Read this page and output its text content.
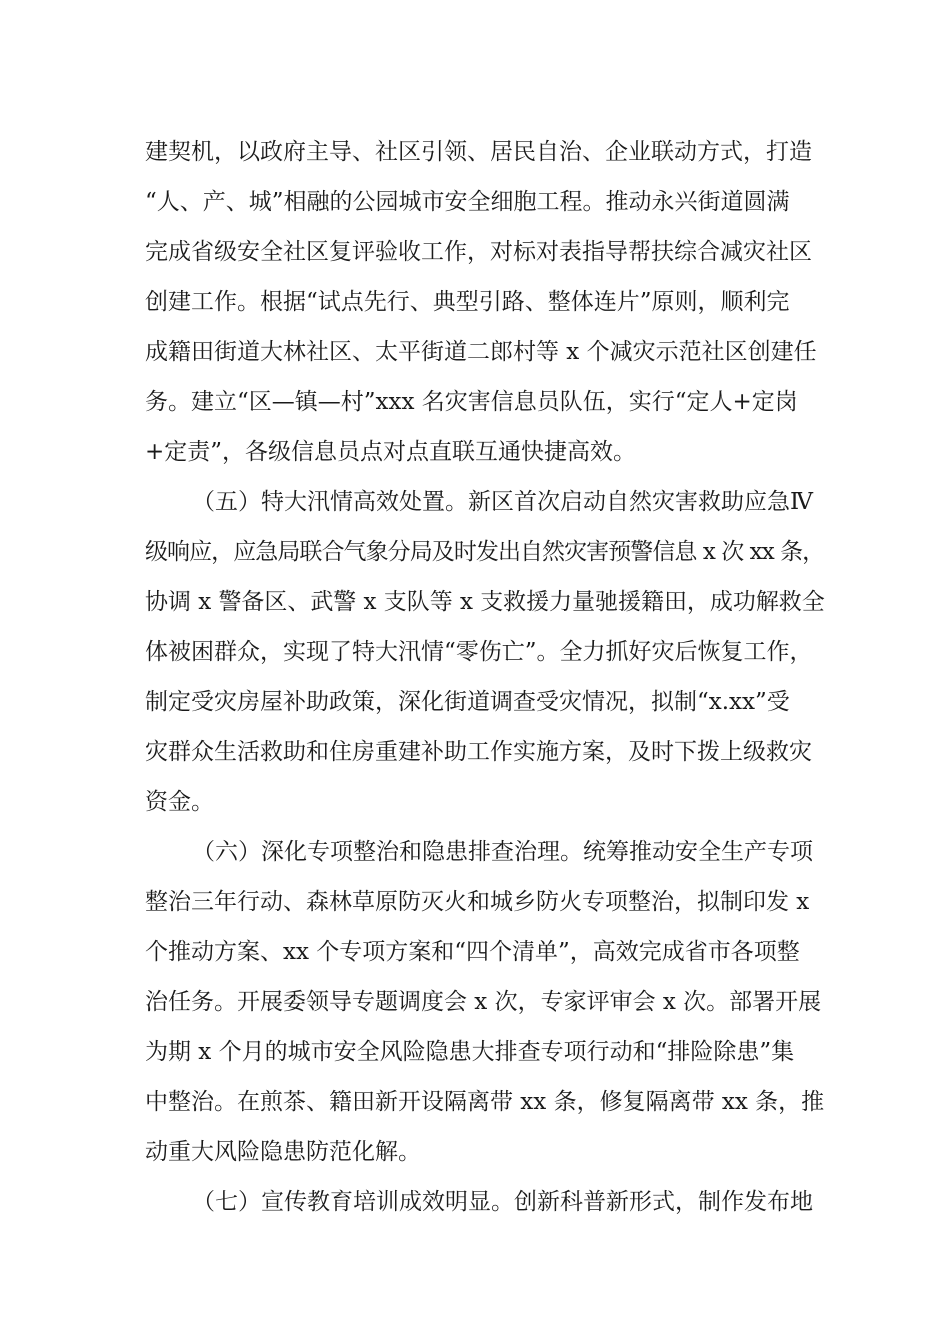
建契机，以政府主导、社区引领、居民自治、企业联动方式，打造
“人、产、城”相融的公园城市安全细胞工程。推动永兴街道圆满
完成省级安全社区复评验收工作，对标对表指导帮扶综合减灾社区
创建工作。根据“试点先行、典型引路、整体连片”原则，顺利完
成籍田街道大林社区、太平街道二郎村等 x 个减灾示范社区创建任
务。建立“区—镇—村”xxx 名灾害信息员队伍，实行“定人+定岗
+定责”，各级信息员点对点直联互通快捷高效。
（五）特大汛情高效处置。新区首次启动自然灾害救助应急Ⅳ
级响应，应急局联合气象分局及时发出自然灾害预警信息 x 次 xx 条，
协调 x 警备区、武警 x 支队等 x 支救援力量驰援籍田，成功解救全
体被困群众，实现了特大汛情“零伤亡”。全力抓好灾后恢复工作，
制定受灾房屋补助政策，深化街道调查受灾情况，拟制“x.xx”受
灾群众生活救助和住房重建补助工作实施方案，及时下拨上级救灾
资金。
（六）深化专项整治和隐患排查治理。统筹推动安全生产专项
整治三年行动、森林草原防灭火和城乡防火专项整治，拟制印发 x
个推动方案、xx 个专项方案和“四个清单”，高效完成省市各项整
治任务。开展委领导专题调度会 x 次，专家评审会 x 次。部署开展
为期 x 个月的城市安全风险隐患大排查专项行动和“排险除患”集
中整治。在煎茶、籍田新开设隔离带 xx 条，修复隔离带 xx 条，推
动重大风险隐患防范化解。
（七）宣传教育培训成效明显。创新科普新形式，制作发布地
